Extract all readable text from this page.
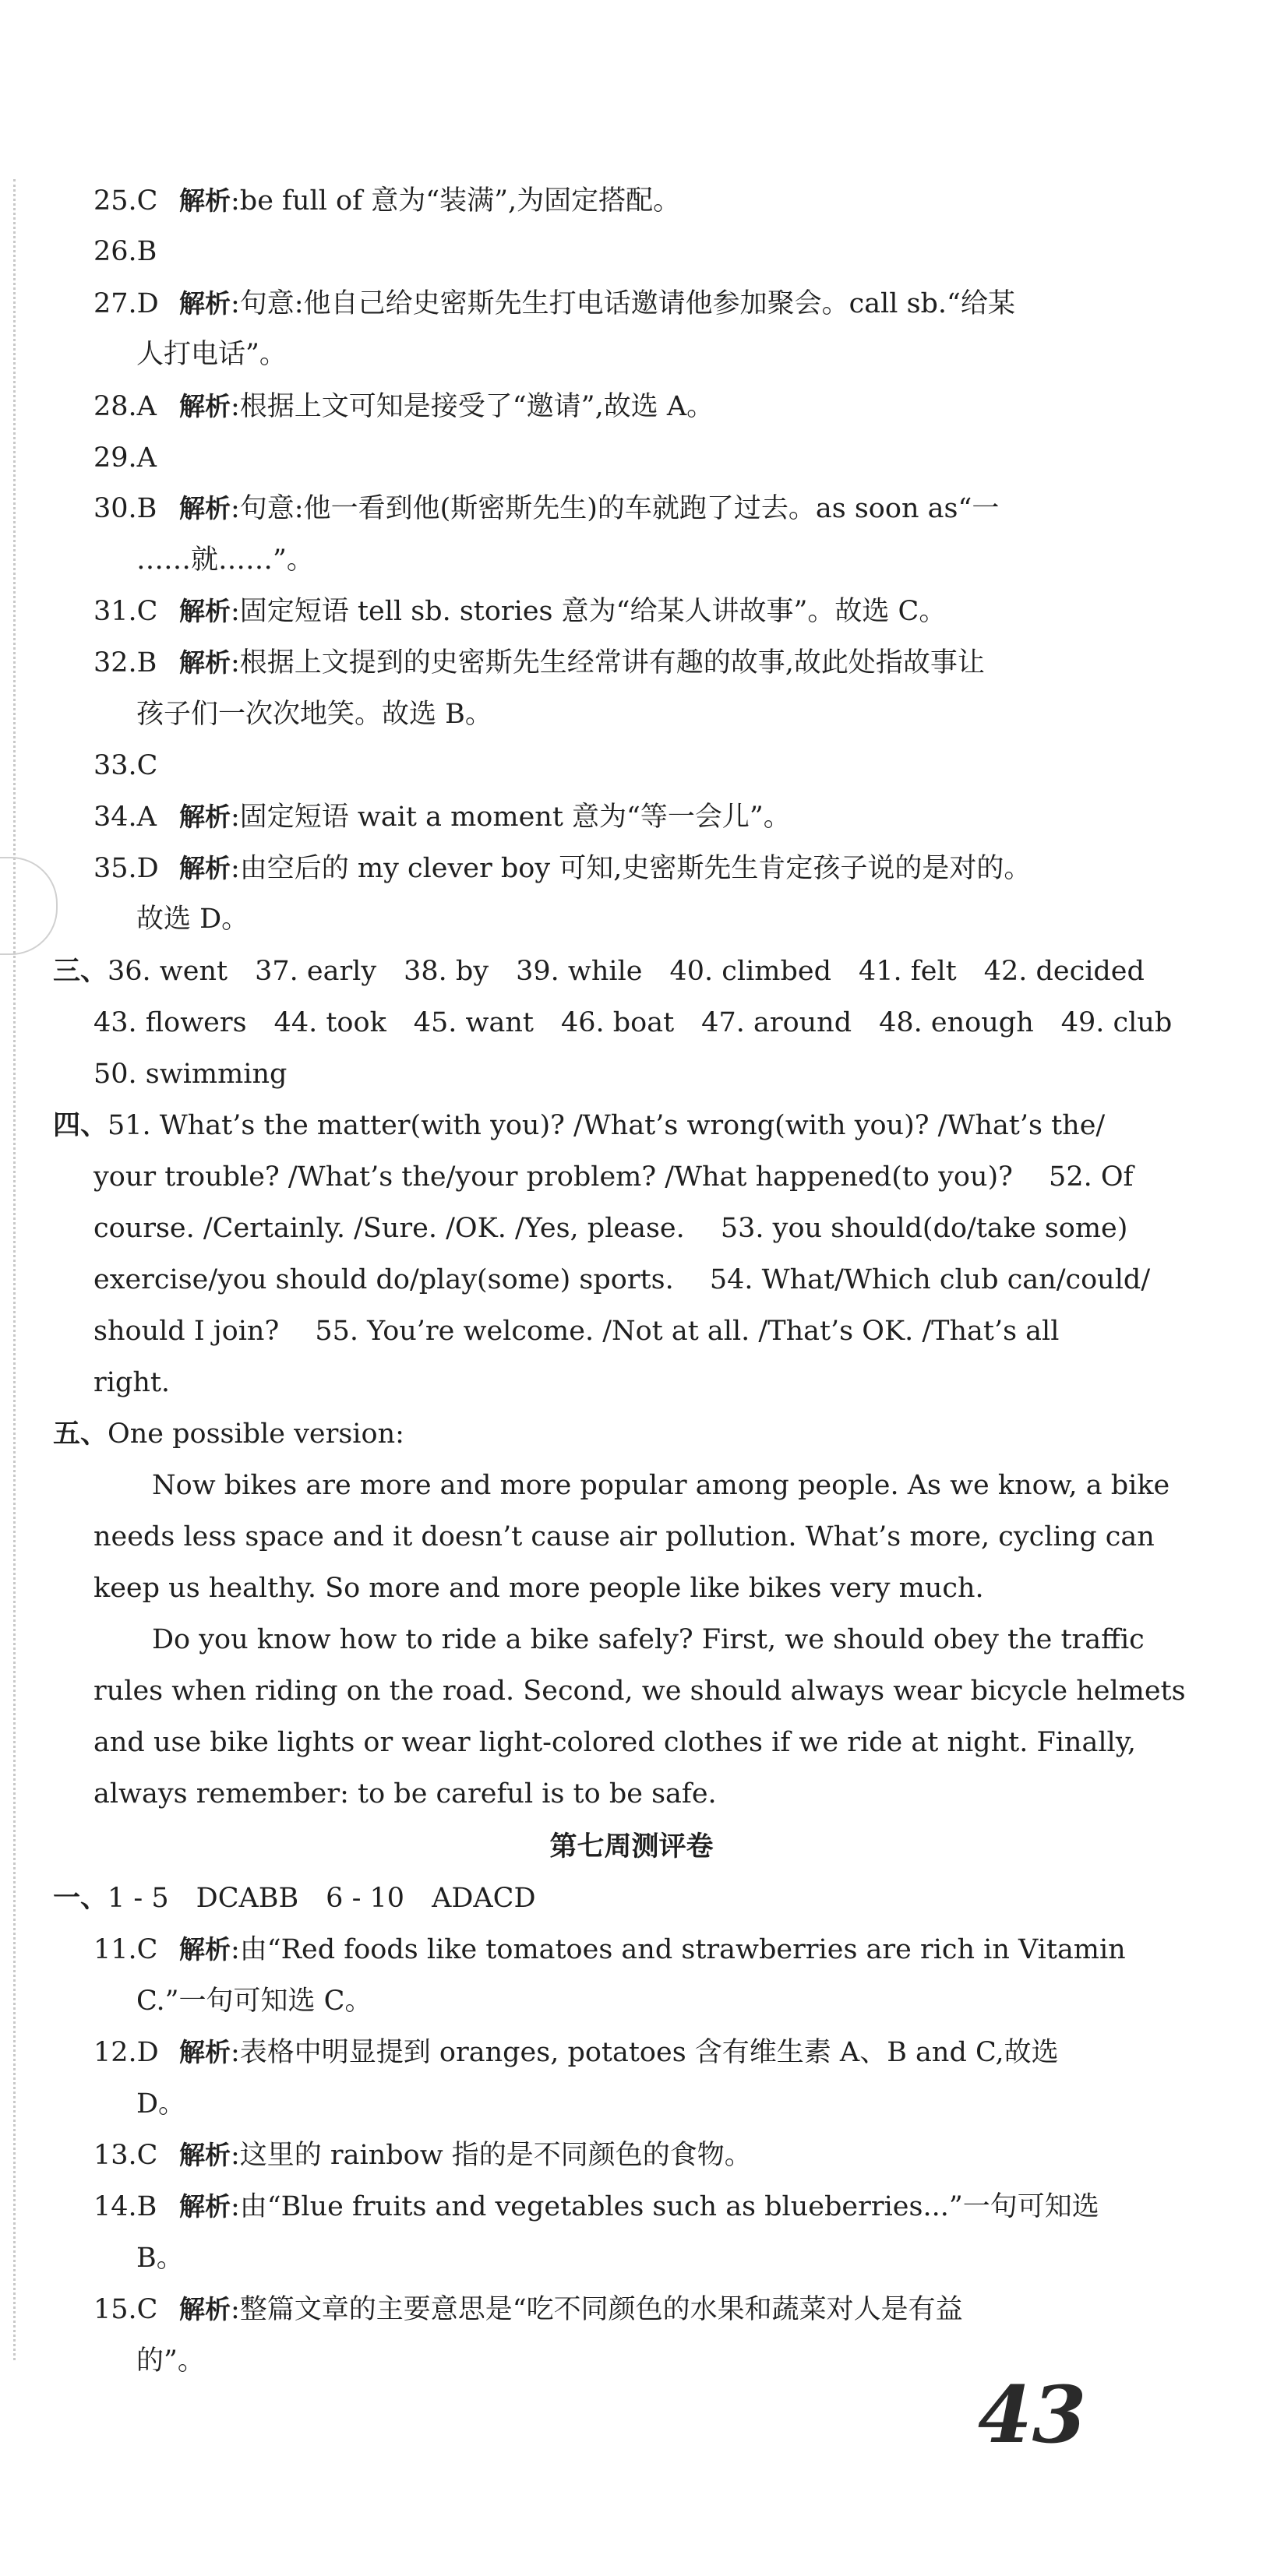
25.C 解析:be full of 意为“装满”,为固定搭配。
26.B
27.D 解析:句意:他自己给史密斯先生打电话邀请他参加聚会。call sb.“给某
人打电话”。
28.A 解析:根据上文可知是接受了“邀请”,故选 A。
29.A
30.B 解析:句意:他一看到他(斯密斯先生)的车就跑了过去。as soon as“一
……就……”。
31.C 解析:固定短语 tell sb. stories 意为“给某人讲故事”。故选 C。
32.B 解析:根据上文提到的史密斯先生经常讲有趣的故事,故此处指故事让
孩子们一次次地笑。故选 B。
33.C
34.A 解析:固定短语 wait a moment 意为“等一会儿”。
35.D 解析:由空后的 my clever boy 可知,史密斯先生肯定孩子说的是对的。
故选 D。
三、36. went　37. early　38. by　39. while　40. climbed　41. felt　42. decided
43. flowers　44. took　45. want　46. boat　47. around　48. enough　49. club
50. swimming
四、51. What’s the matter(with you)? /What’s wrong(with you)? /What’s the/
your trouble? /What’s the/your problem? /What happened(to you)?　 52. Of
course. /Certainly. /Sure. /OK. /Yes, please.　 53. you should(do/take some)
exercise/you should do/play(some) sports.　 54. What/Which club can/could/
should I join?　 55. You’re welcome. /Not at all. /That’s OK. /That’s all
right.
五、One possible version:
Now bikes are more and more popular among people. As we know, a bike
needs less space and it doesn’t cause air pollution. What’s more, cycling can
keep us healthy. So more and more people like bikes very much.
Do you know how to ride a bike safely? First, we should obey the traffic
rules when riding on the road. Second, we should always wear bicycle helmets
and use bike lights or wear light-colored clothes if we ride at night. Finally,
always remember: to be careful is to be safe.
第七周测评卷
一、1 - 5　DCABB　6 - 10　ADACD
11.C 解析:由“Red foods like tomatoes and strawberries are rich in Vitamin
C.”一句可知选 C。
12.D 解析:表格中明显提到 oranges, potatoes 含有维生素 A、B and C,故选
D。
13.C 解析:这里的 rainbow 指的是不同颜色的食物。
14.B 解析:由“Blue fruits and vegetables such as blueberries...”一句可知选
B。
15.C 解析:整篇文章的主要意思是“吃不同颜色的水果和蔬菜对人是有益
的”。
43
